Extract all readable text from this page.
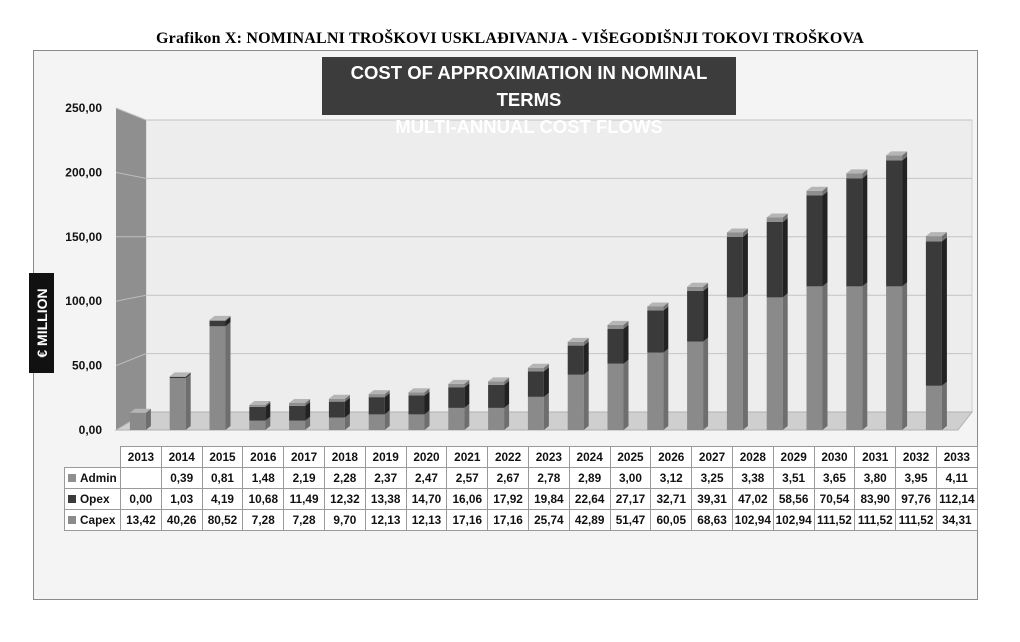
Grafikon X: NOMINALNI TROŠKOVI USKLAĐIVANJA - VIŠEGODIŠNJI TOKOVI TROŠKOVA
0,00
50,00
100,00
150,00
200,00
250,00
COST OF APPROXIMATION IN NOMINAL TERMS
MULTI-ANNUAL COST FLOWS
€ MILLION
	2013	2014	2015	2016	2017	2018	2019	2020	2021	2022	2023	2024	2025	2026	2027	2028	2029	2030	2031	2032	2033
Admin		0,39	0,81	1,48	2,19	2,28	2,37	2,47	2,57	2,67	2,78	2,89	3,00	3,12	3,25	3,38	3,51	3,65	3,80	3,95	4,11
Opex	0,00	1,03	4,19	10,68	11,49	12,32	13,38	14,70	16,06	17,92	19,84	22,64	27,17	32,71	39,31	47,02	58,56	70,54	83,90	97,76	112,14
Capex	13,42	40,26	80,52	7,28	7,28	9,70	12,13	12,13	17,16	17,16	25,74	42,89	51,47	60,05	68,63	102,94	102,94	111,52	111,52	111,52	34,31
